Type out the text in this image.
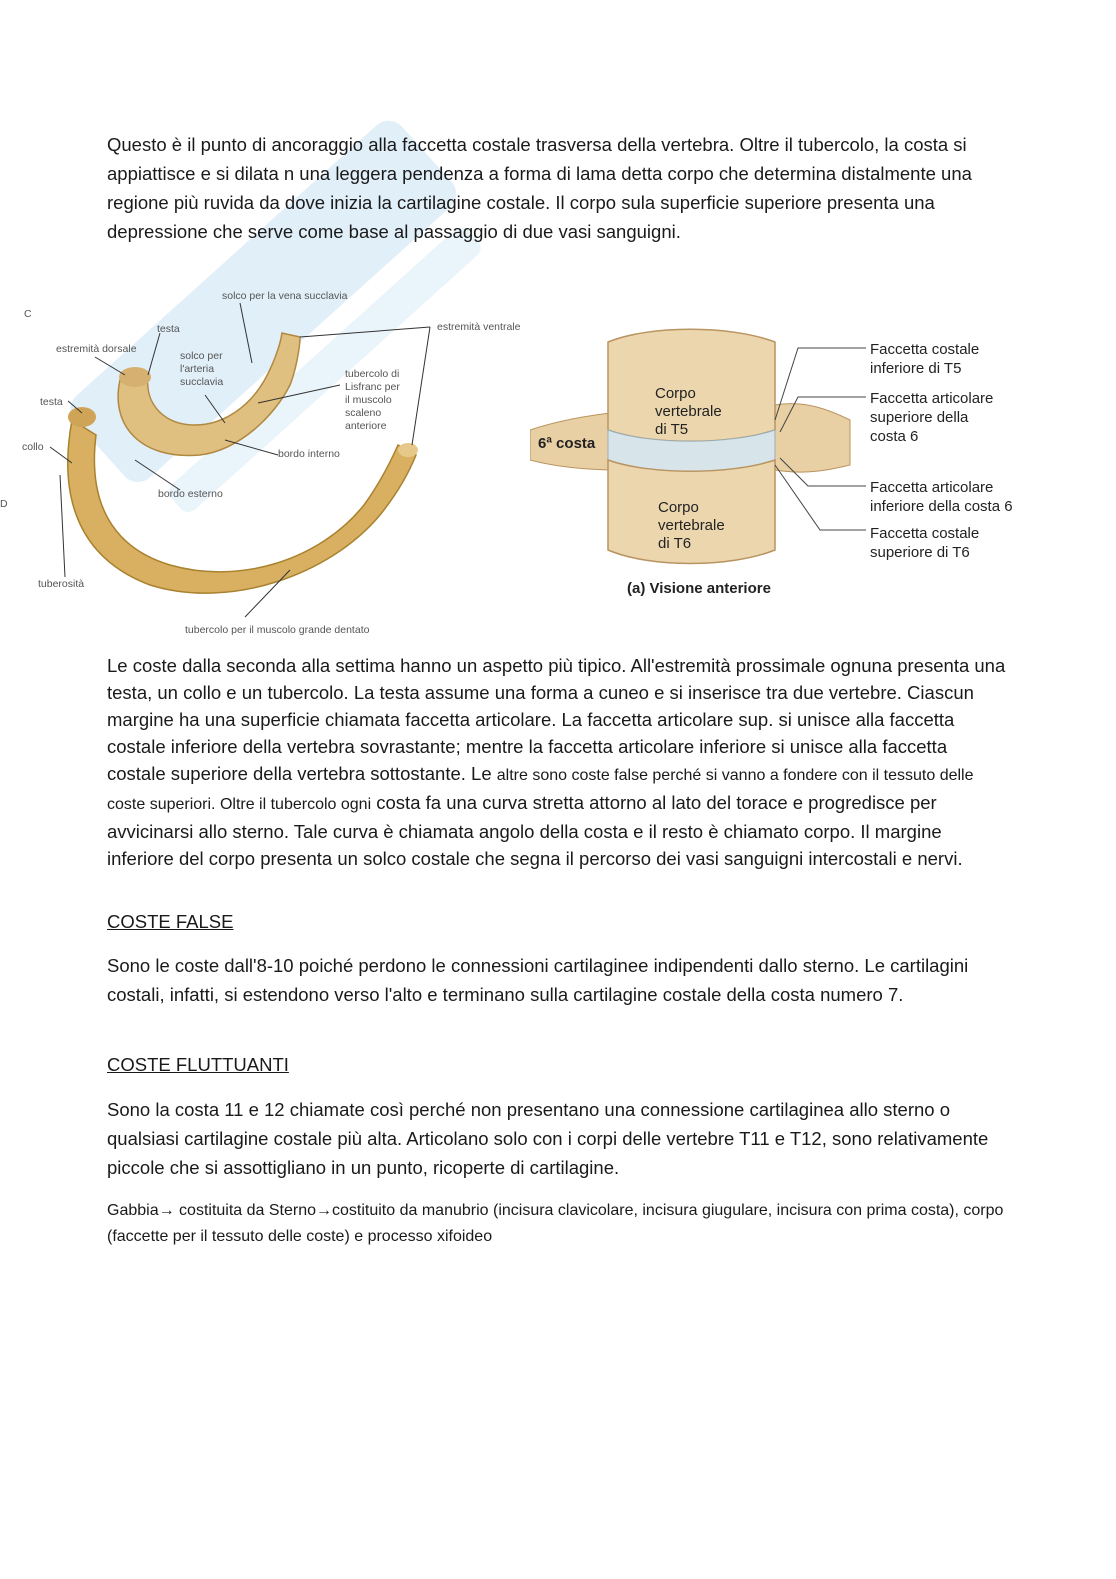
Questo è il punto di ancoraggio alla faccetta costale trasversa della vertebra. Oltre il tubercolo, la costa si appiattisce e si dilata n una leggera pendenza a forma di lama detta corpo che determina distalmente una regione più ruvida da dove inizia la cartilagine costale. Il corpo sula superficie superiore presenta una depressione che serve come base al passaggio di due vasi sanguigni.

C
D
solco per la vena succlavia
testa
estremità dorsale
solco per
l'arteria
succlavia
estremità ventrale
tubercolo di
Lisfranc per
il muscolo
scaleno
anteriore
testa
collo
bordo interno
bordo esterno
tuberosità
tubercolo per il muscolo grande dentato
Corpo
vertebrale
di T5
Corpo
vertebrale
di T6
6ª costa
Faccetta costale
inferiore di T5
Faccetta articolare
superiore della
costa 6
Faccetta articolare
inferiore della costa 6
Faccetta costale
superiore di T6
(a) Visione anteriore
Le coste dalla seconda alla settima hanno un aspetto più tipico. All'estremità prossimale ognuna presenta una testa, un collo e un tubercolo. La testa assume una forma a cuneo e si inserisce tra due vertebre. Ciascun margine ha una superficie chiamata faccetta articolare. La faccetta articolare sup. si unisce alla faccetta costale inferiore della vertebra sovrastante; mentre la faccetta articolare inferiore si unisce alla faccetta costale superiore della vertebra sottostante. Le altre sono coste false perché si vanno a fondere con il tessuto delle coste superiori. Oltre il tubercolo ogni costa fa una curva stretta attorno al lato del torace e progredisce per avvicinarsi allo sterno. Tale curva è chiamata angolo della costa e il resto è chiamato corpo. Il margine inferiore del corpo presenta un solco costale che segna il percorso dei vasi sanguigni intercostali e nervi.

COSTE FALSE

Sono le coste dall'8-10 poiché perdono le connessioni cartilaginee indipendenti dallo sterno. Le cartilagini costali, infatti, si estendono verso l'alto e terminano sulla cartilagine costale della costa numero 7.

COSTE FLUTTUANTI

Sono la costa 11 e 12 chiamate così perché non presentano una connessione cartilaginea allo sterno o qualsiasi cartilagine costale più alta. Articolano solo con i corpi delle vertebre T11 e T12, sono relativamente piccole che si assottigliano in un punto, ricoperte di cartilagine.

Gabbia→ costituita da Sterno→costituito da manubrio (incisura clavicolare, incisura giugulare, incisura con prima costa), corpo (faccette per il tessuto delle coste) e processo xifoideo
